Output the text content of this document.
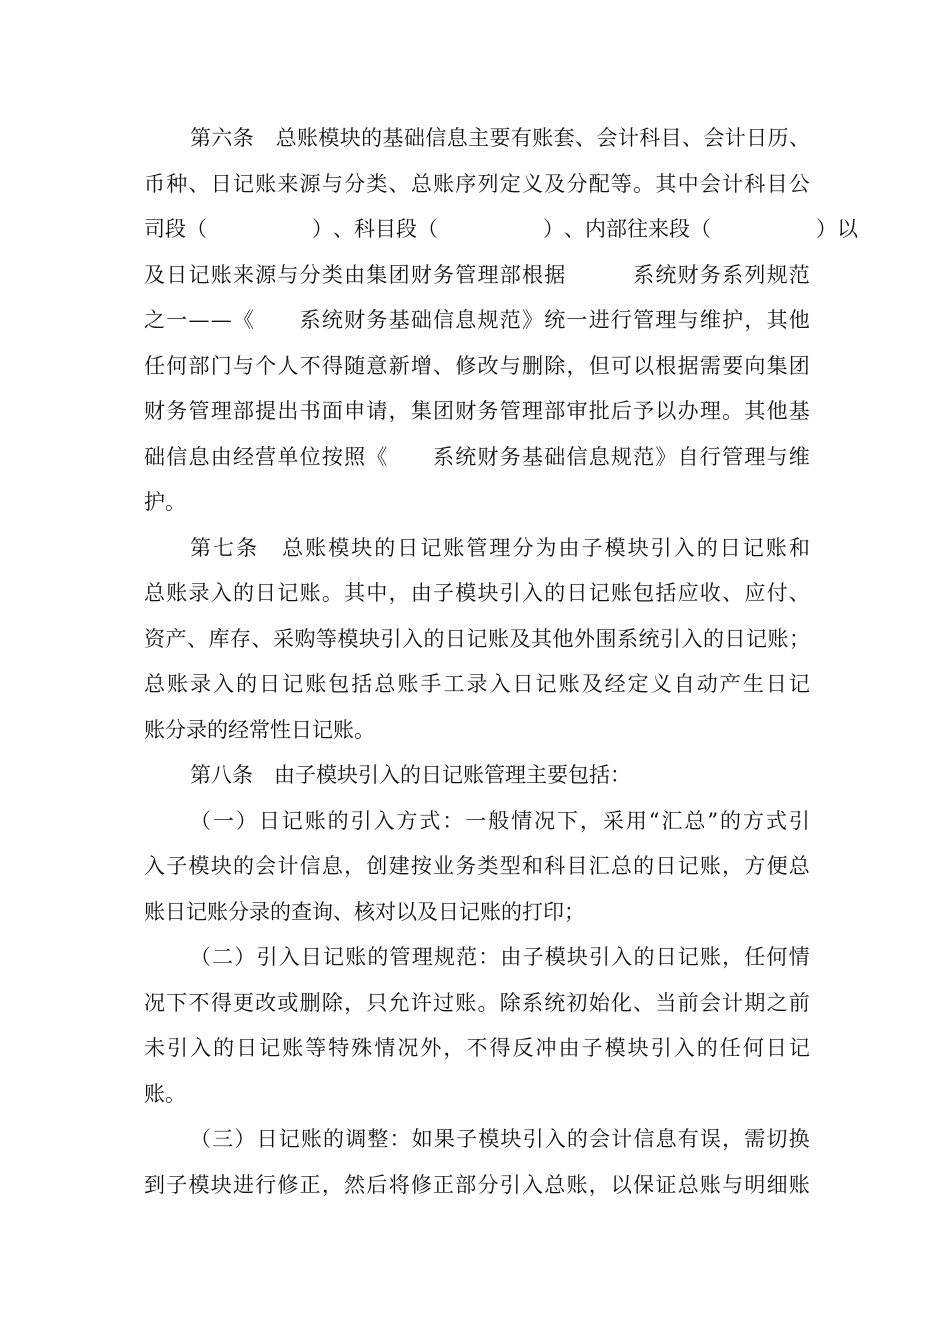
第 六 条
　 总 账 模 块 的 基 础 信 息 主 要 有 账 套 、 会 计 科 目 、 会 计 日 历 、
币 种 、 日 记 账 来 源 与 分 类 、 总 账 序 列 定 义 及 分 配 等 。 其 中 会 计 科 目 公
司 段 （

　	） 、 科 目 段 （

　	） 、 内 部 往 来 段 （

　	） 以
及 日 记 账 来 源 与 分 类 由 集 团 财 务 管 理 部 根 据

　	系 统 财 务 系 列 规 范
之 一 — — 《

　 系 统 财 务 基 础 信 息 规 范 》 统 一 进 行 管 理 与 维 护 ， 其 他
任 何 部 门 与 个 人 不 得 随 意 新 增 、 修 改 与 删 除 ， 但 可 以 根 据 需 要 向 集 团
财 务 管 理 部 提 出 书 面 申 请 ， 集 团 财 务 管 理 部 审 批 后 予 以 办 理 。 其 他 基
础 信 息 由 经 营 单 位 按 照 《

　 系 统 财 务 基 础 信 息 规 范 》 自 行 管 理 与 维
护。
第 七 条
　 总 账 模 块 的 日 记 账 管 理 分 为 由 子 模 块 引 入 的 日 记 账 和
总 账 录 入 的 日 记 账 。 其 中 ， 由 子 模 块 引 入 的 日 记 账 包 括 应 收 、 应 付 、
资 产 、 库 存 、 采 购 等 模 块 引 入 的 日 记 账 及 其 他 外 围 系 统 引 入 的 日 记 账 ；
总 账 录 入 的 日 记 账 包 括 总 账 手 工 录 入 日 记 账 及 经 定 义 自 动 产 生 日 记
账分录的经常性日记账。
第八条　由子模块引入的日记账管理主要包括：
（ 一 ） 日 记 账 的 引 入 方 式 ： 一 般 情 况 下 ， 采 用 “ 汇 总 ” 的 方 式 引
入 子 模 块 的 会 计 信 息 ， 创 建 按 业 务 类 型 和 科 目 汇 总 的 日 记 账 ， 方 便 总
账日记账分录的查询、核对以及日记账的打印；
（ 二 ） 引 入 日 记 账 的 管 理 规 范 ： 由 子 模 块 引 入 的 日 记 账 ， 任 何 情
况 下 不 得 更 改 或 删 除 ， 只 允 许 过 账 。 除 系 统 初 始 化 、 当 前 会 计 期 之 前
未 引 入 的 日 记 账 等 特 殊 情 况 外 ， 不 得 反 冲 由 子 模 块 引 入 的 任 何 日 记
账。
（ 三 ） 日 记 账 的 调 整 ： 如 果 子 模 块 引 入 的 会 计 信 息 有 误 ， 需 切 换
到 子 模 块 进 行 修 正 ， 然 后 将 修 正 部 分 引 入 总 账 ， 以 保 证 总 账 与 明 细 账
